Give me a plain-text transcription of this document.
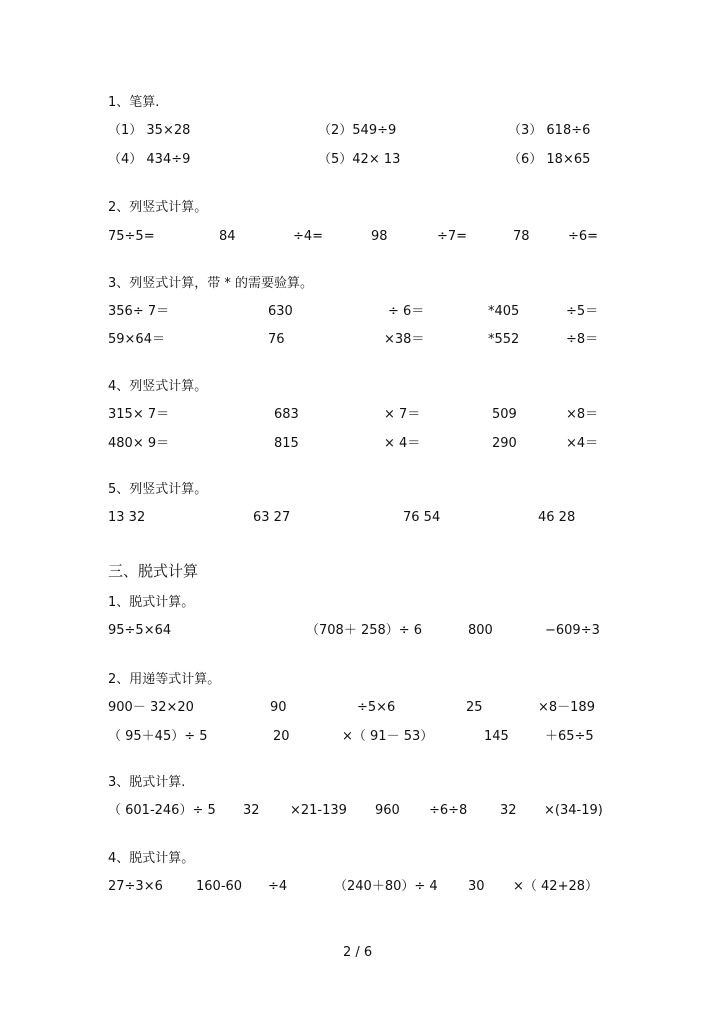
1、笔算.
（1） 35×28	（2）549÷9	（3） 618÷6
（4） 434÷9	（5）42× 13	（6） 18×65
2、列竖式计算。
75÷5=	84	÷4=	98	÷7=	78	÷6=
3、列竖式计算，带 * 的需要验算。
356÷ 7＝	630	÷ 6＝	*405	÷5＝
59×64＝	76	×38＝	*552	÷8＝
4、列竖式计算。
315× 7＝	683	× 7＝	509	×8＝
480× 9＝	815	× 4＝	290	×4＝
5、列竖式计算。
13 32	63 27	76 54	46 28
三、脱式计算
1、脱式计算。
95÷5×64	（708＋ 258）÷ 6	800	−609÷3
2、用递等式计算。
900－ 32×20	90	÷5×6	25	×8－189
（ 95＋45）÷ 5	20	×（ 91－ 53）	145	＋65÷5
3、脱式计算.
（ 601-246）÷ 5 32 ×21-139 960 ÷6÷8	32 ×(34-19)
4、脱式计算。
27÷3×6	160-60 ÷4	（240＋80）÷ 4 30 ×（ 42+28）
2 / 6
